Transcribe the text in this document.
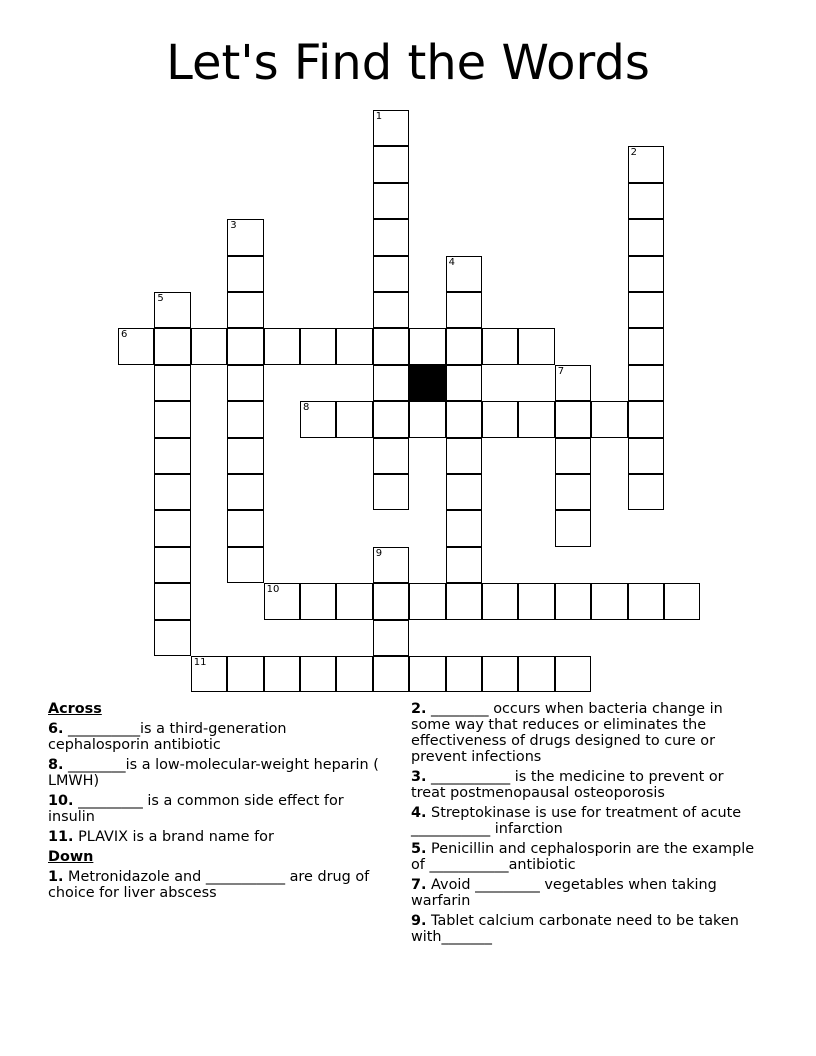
Let's Find the Words
1
2
3
4
5
6
7
8
9
10
11
Across
6. __________is a third-generation cephalosporin antibiotic
8. ________is a low-molecular-weight heparin ( LMWH)
10. _________ is a common side effect for insulin
11. PLAVIX is a brand name for
Down
1. Metronidazole and ___________ are drug of choice for liver abscess
2. ________ occurs when bacteria change in some way that reduces or eliminates the effectiveness of drugs designed to cure or prevent infections
3. ___________ is the medicine to prevent or treat postmenopausal osteoporosis
4. Streptokinase is use for treatment of acute ___________ infarction
5. Penicillin and cephalosporin are the example of ___________antibiotic
7. Avoid _________ vegetables when taking warfarin
9. Tablet calcium carbonate need to be taken with_______
